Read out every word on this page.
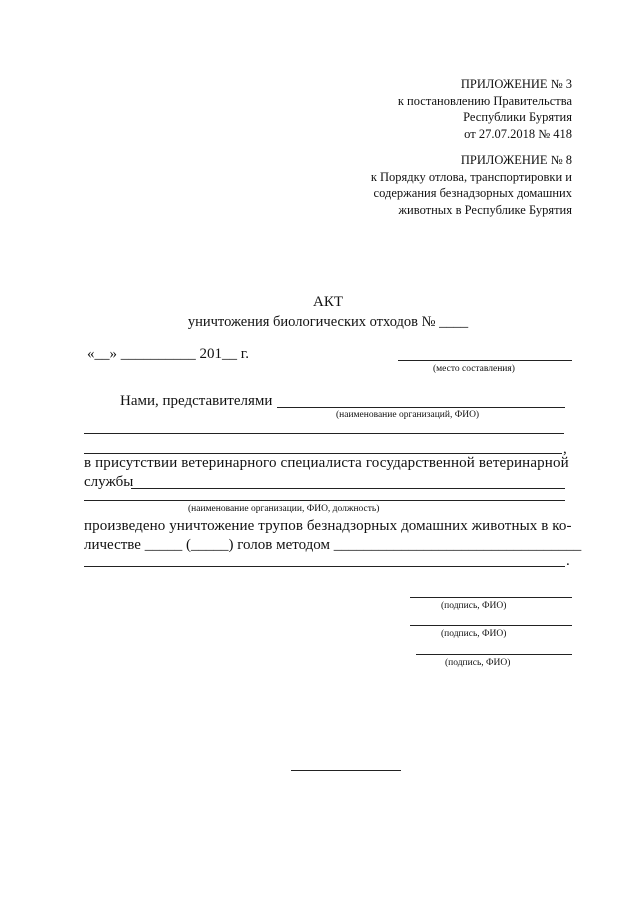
ПРИЛОЖЕНИЕ № 3
к постановлению Правительства
Республики Бурятия
от 27.07.2018 № 418
ПРИЛОЖЕНИЕ № 8
к Порядку отлова, транспортировки и
содержания безнадзорных домашних
животных в Республике Бурятия
АКТ
уничтожения биологических отходов № ____
«__» __________ 201__ г.
(место составления)
Нами, представителями
(наименование организаций, ФИО)
,
в присутствии ветеринарного специалиста государственной ветеринарной
службы
(наименование организации, ФИО, должность)
произведено уничтожение трупов безнадзорных домашних животных в ко-
личестве _____ (_____) голов методом _________________________________
.
(подпись, ФИО)
(подпись, ФИО)
(подпись, ФИО)
